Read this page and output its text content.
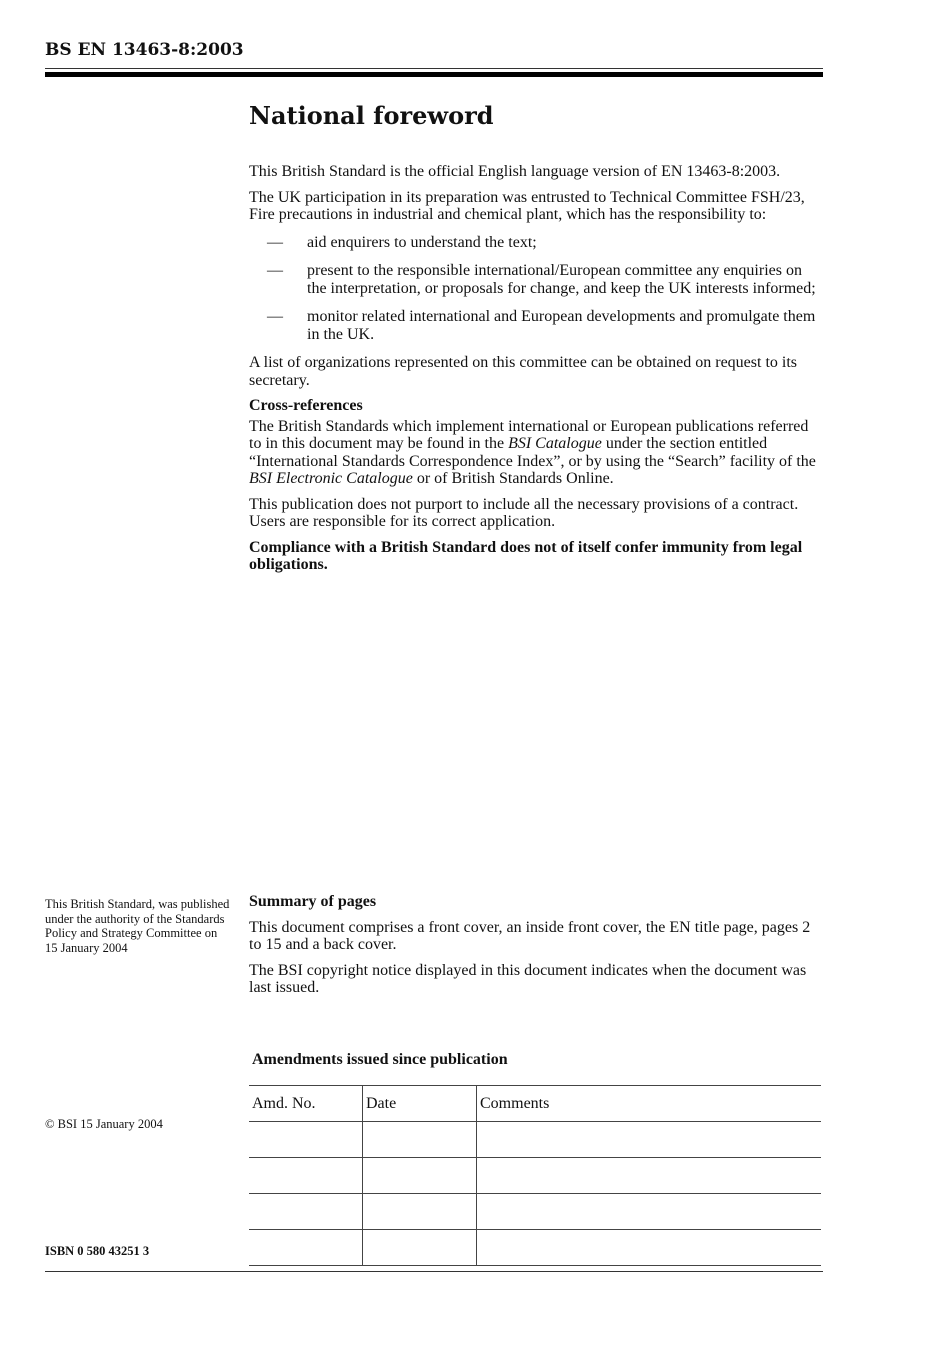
BS EN 13463-8:2003
National foreword

This British Standard is the official English language version of EN 13463-8:2003.

The UK participation in its preparation was entrusted to Technical Committee FSH/23, Fire precautions in industrial and chemical plant, which has the responsibility to:

—	aid enquirers to understand the text;
—	present to the responsible international/European committee any enquiries on the interpretation, or proposals for change, and keep the UK interests informed;
—	monitor related international and European developments and promulgate them in the UK.

A list of organizations represented on this committee can be obtained on request to its secretary.

Cross-references

The British Standards which implement international or European publications referred to in this document may be found in the BSI Catalogue under the section entitled “International Standards Correspondence Index”, or by using the “Search” facility of the BSI Electronic Catalogue or of British Standards Online.

This publication does not purport to include all the necessary provisions of a contract. Users are responsible for its correct application.

Compliance with a British Standard does not of itself confer immunity from legal obligations.

This British Standard, was published under the authority of the Standards Policy and Strategy Committee on 15 January 2004
© BSI 15 January 2004
ISBN 0 580 43251 3

Summary of pages

This document comprises a front cover, an inside front cover, the EN title page, pages 2 to 15 and a back cover.

The BSI copyright notice displayed in this document indicates when the document was last issued.

Amendments issued since publication
Amd. No.	Date	Comments
